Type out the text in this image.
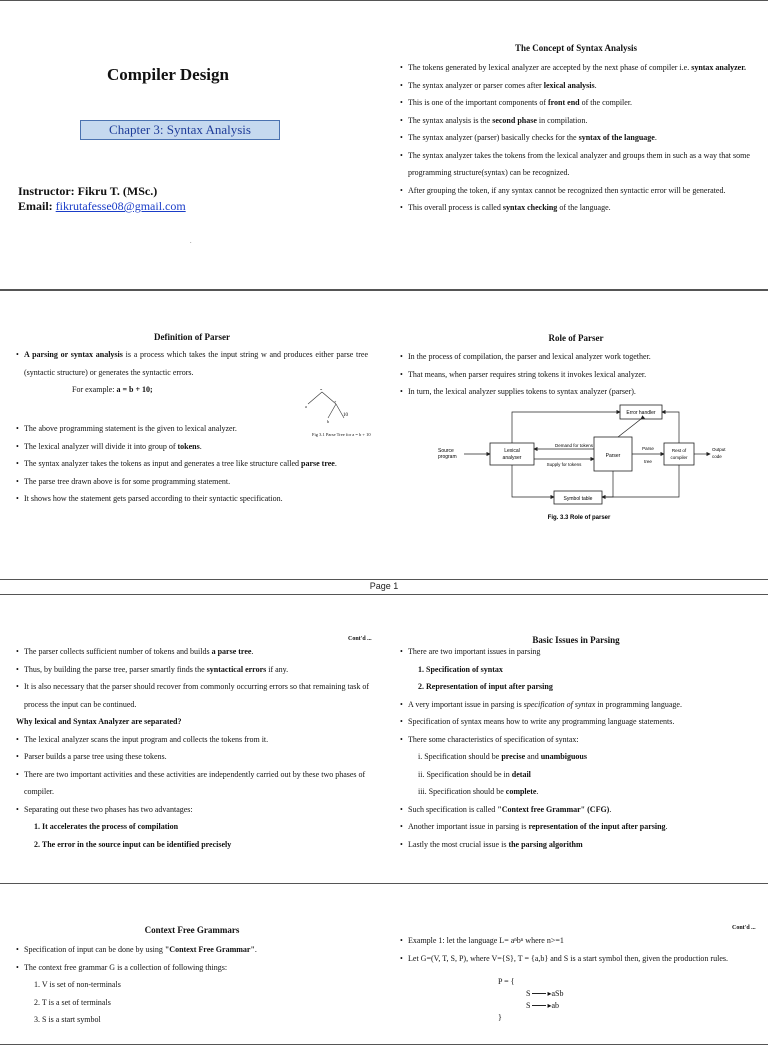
Compiler Design
Chapter 3: Syntax Analysis
Instructor: Fikru T. (MSc.)
Email: fikrutafesse08@gmail.com
•
The Concept of Syntax Analysis
• The tokens generated by lexical analyzer are accepted by the next phase of compiler i.e. syntax analyzer.
• The syntax analyzer or parser comes after lexical analysis.
• This is one of the important components of front end of the compiler.
• The syntax analysis is the second phase in compilation.
• The syntax analyzer (parser) basically checks for the syntax of the language.
• The syntax analyzer takes the tokens from the lexical analyzer and groups them in such as a way that some programming structure(syntax) can be recognized.
• After grouping the token, if any syntax cannot be recognized then syntactic error will be generated.
• This overall process is called syntax checking of the language.
Definition of Parser
• A parsing or syntax analysis is a process which takes the input string w and produces either parse tree (syntactic structure) or generates the syntactic errors.
For example: a = b + 10;	=
a
+
b
10
Fig 3.1 Parse Tree for a = b + 10
• The above programming statement is the given to lexical analyzer.
• The lexical analyzer will divide it into group of tokens.
• The syntax analyzer takes the tokens as input and generates a tree like structure called parse tree.
• The parse tree drawn above is for some programming statement.
• It shows how the statement gets parsed according to their syntactic specification.
Role of Parser
• In the process of compilation, the parser and lexical analyzer work together.
• That means, when parser requires string tokens it invokes lexical analyzer.
• In turn, the lexical analyzer supplies tokens to syntax analyzer (parser).
Error handler
Source
program
Lexical
analyser
Demand for tokens
Supply for tokens
Parser
Parse
tree
Rest of
compiler
Output
code
Symbol table
Fig. 3.3 Role of parser
Page 1
Cont'd ...
• The parser collects sufficient number of tokens and builds a parse tree.
• Thus, by building the parse tree, parser smartly finds the syntactical errors if any.
• It is also necessary that the parser should recover from commonly occurring errors so that remaining task of process the input can be continued.
Why lexical and Syntax Analyzer are separated?
• The lexical analyzer scans the input program and collects the tokens from it.
• Parser builds a parse tree using these tokens.
• There are two important activities and these activities are independently carried out by these two phases of compiler.
• Separating out these two phases has two advantages:
1. It accelerates the process of compilation
2. The error in the source input can be identified precisely
Basic Issues in Parsing
• There are two important issues in parsing
1. Specification of syntax
2. Representation of input after parsing
• A very important issue in parsing is specification of syntax in programming language.
• Specification of syntax means how to write any programming language statements.
• There some characteristics of specification of syntax:
i. Specification should be precise and unambiguous
ii. Specification should be in detail
iii. Specification should be complete.
• Such specification is called "Context free Grammar" (CFG).
• Another important issue in parsing is representation of the input after parsing.
• Lastly the most crucial issue is the parsing algorithm
Context Free Grammars
• Specification of input can be done by using "Context Free Grammar".
• The context free grammar G is a collection of following things:
1. V is set of non-terminals
2. T is a set of terminals
3. S is a start symbol
Cont'd ...
• Example 1: let the language L= aⁿbⁿ where n>=1
• Let G=(V, T, S, P), where V={S}, T = {a,b} and S is a start symbol then, given the production rules.
P = {
S ▸aSb
S ▸ab
}
